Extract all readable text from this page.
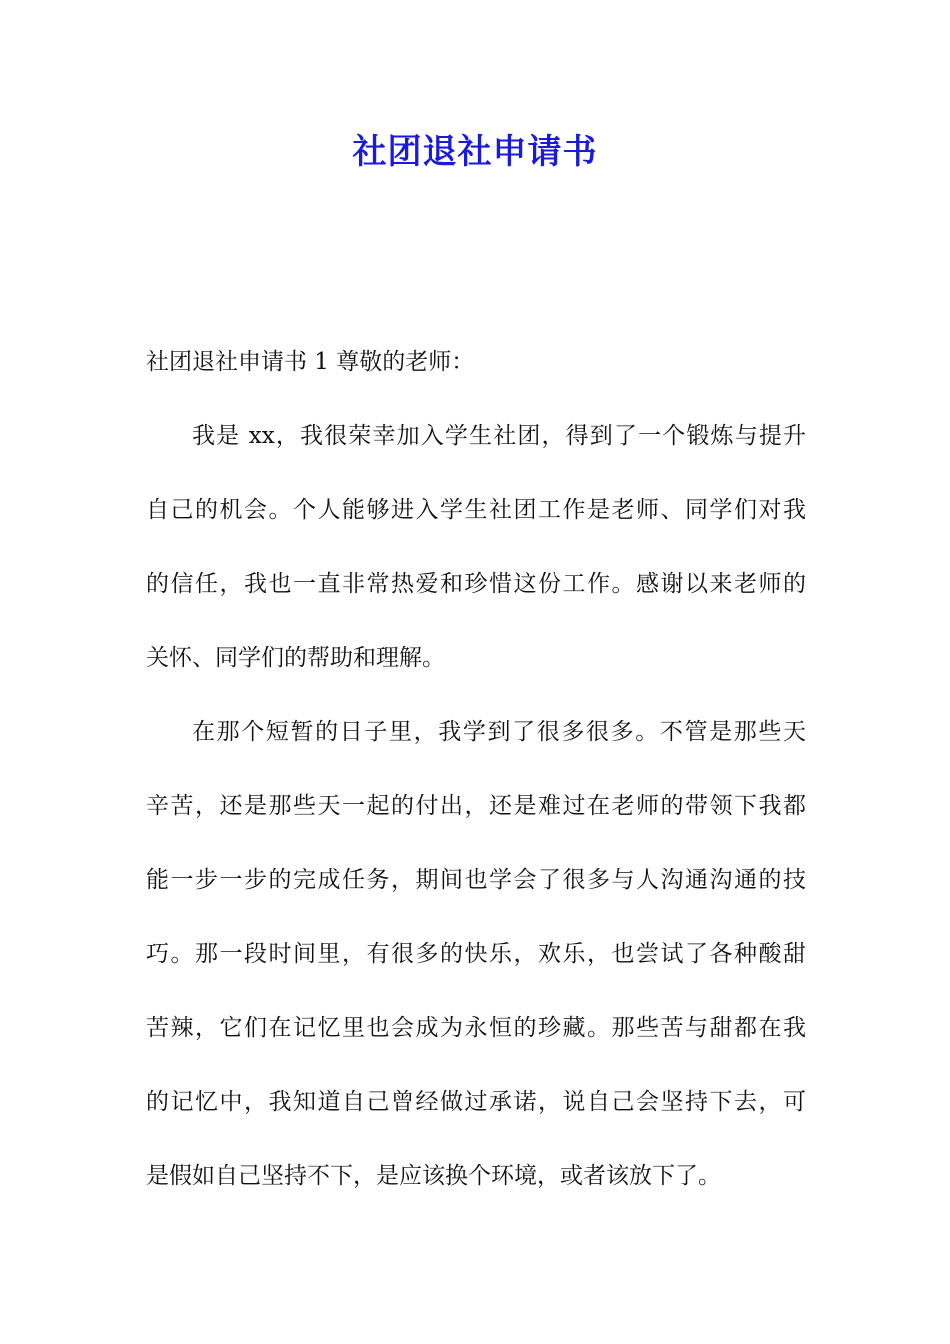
社团退社申请书
社团退社申请书 1 尊敬的老师：
我是 xx，我很荣幸加入学生社团，得到了一个锻炼与提升
自己的机会。个人能够进入学生社团工作是老师、同学们对我
的信任，我也一直非常热爱和珍惜这份工作。感谢以来老师的
关怀、同学们的帮助和理解。
在那个短暂的日子里，我学到了很多很多。不管是那些天
辛苦，还是那些天一起的付出，还是难过在老师的带领下我都
能一步一步的完成任务，期间也学会了很多与人沟通沟通的技
巧。那一段时间里，有很多的快乐，欢乐，也尝试了各种酸甜
苦辣，它们在记忆里也会成为永恒的珍藏。那些苦与甜都在我
的记忆中，我知道自己曾经做过承诺，说自己会坚持下去，可
是假如自己坚持不下，是应该换个环境，或者该放下了。
